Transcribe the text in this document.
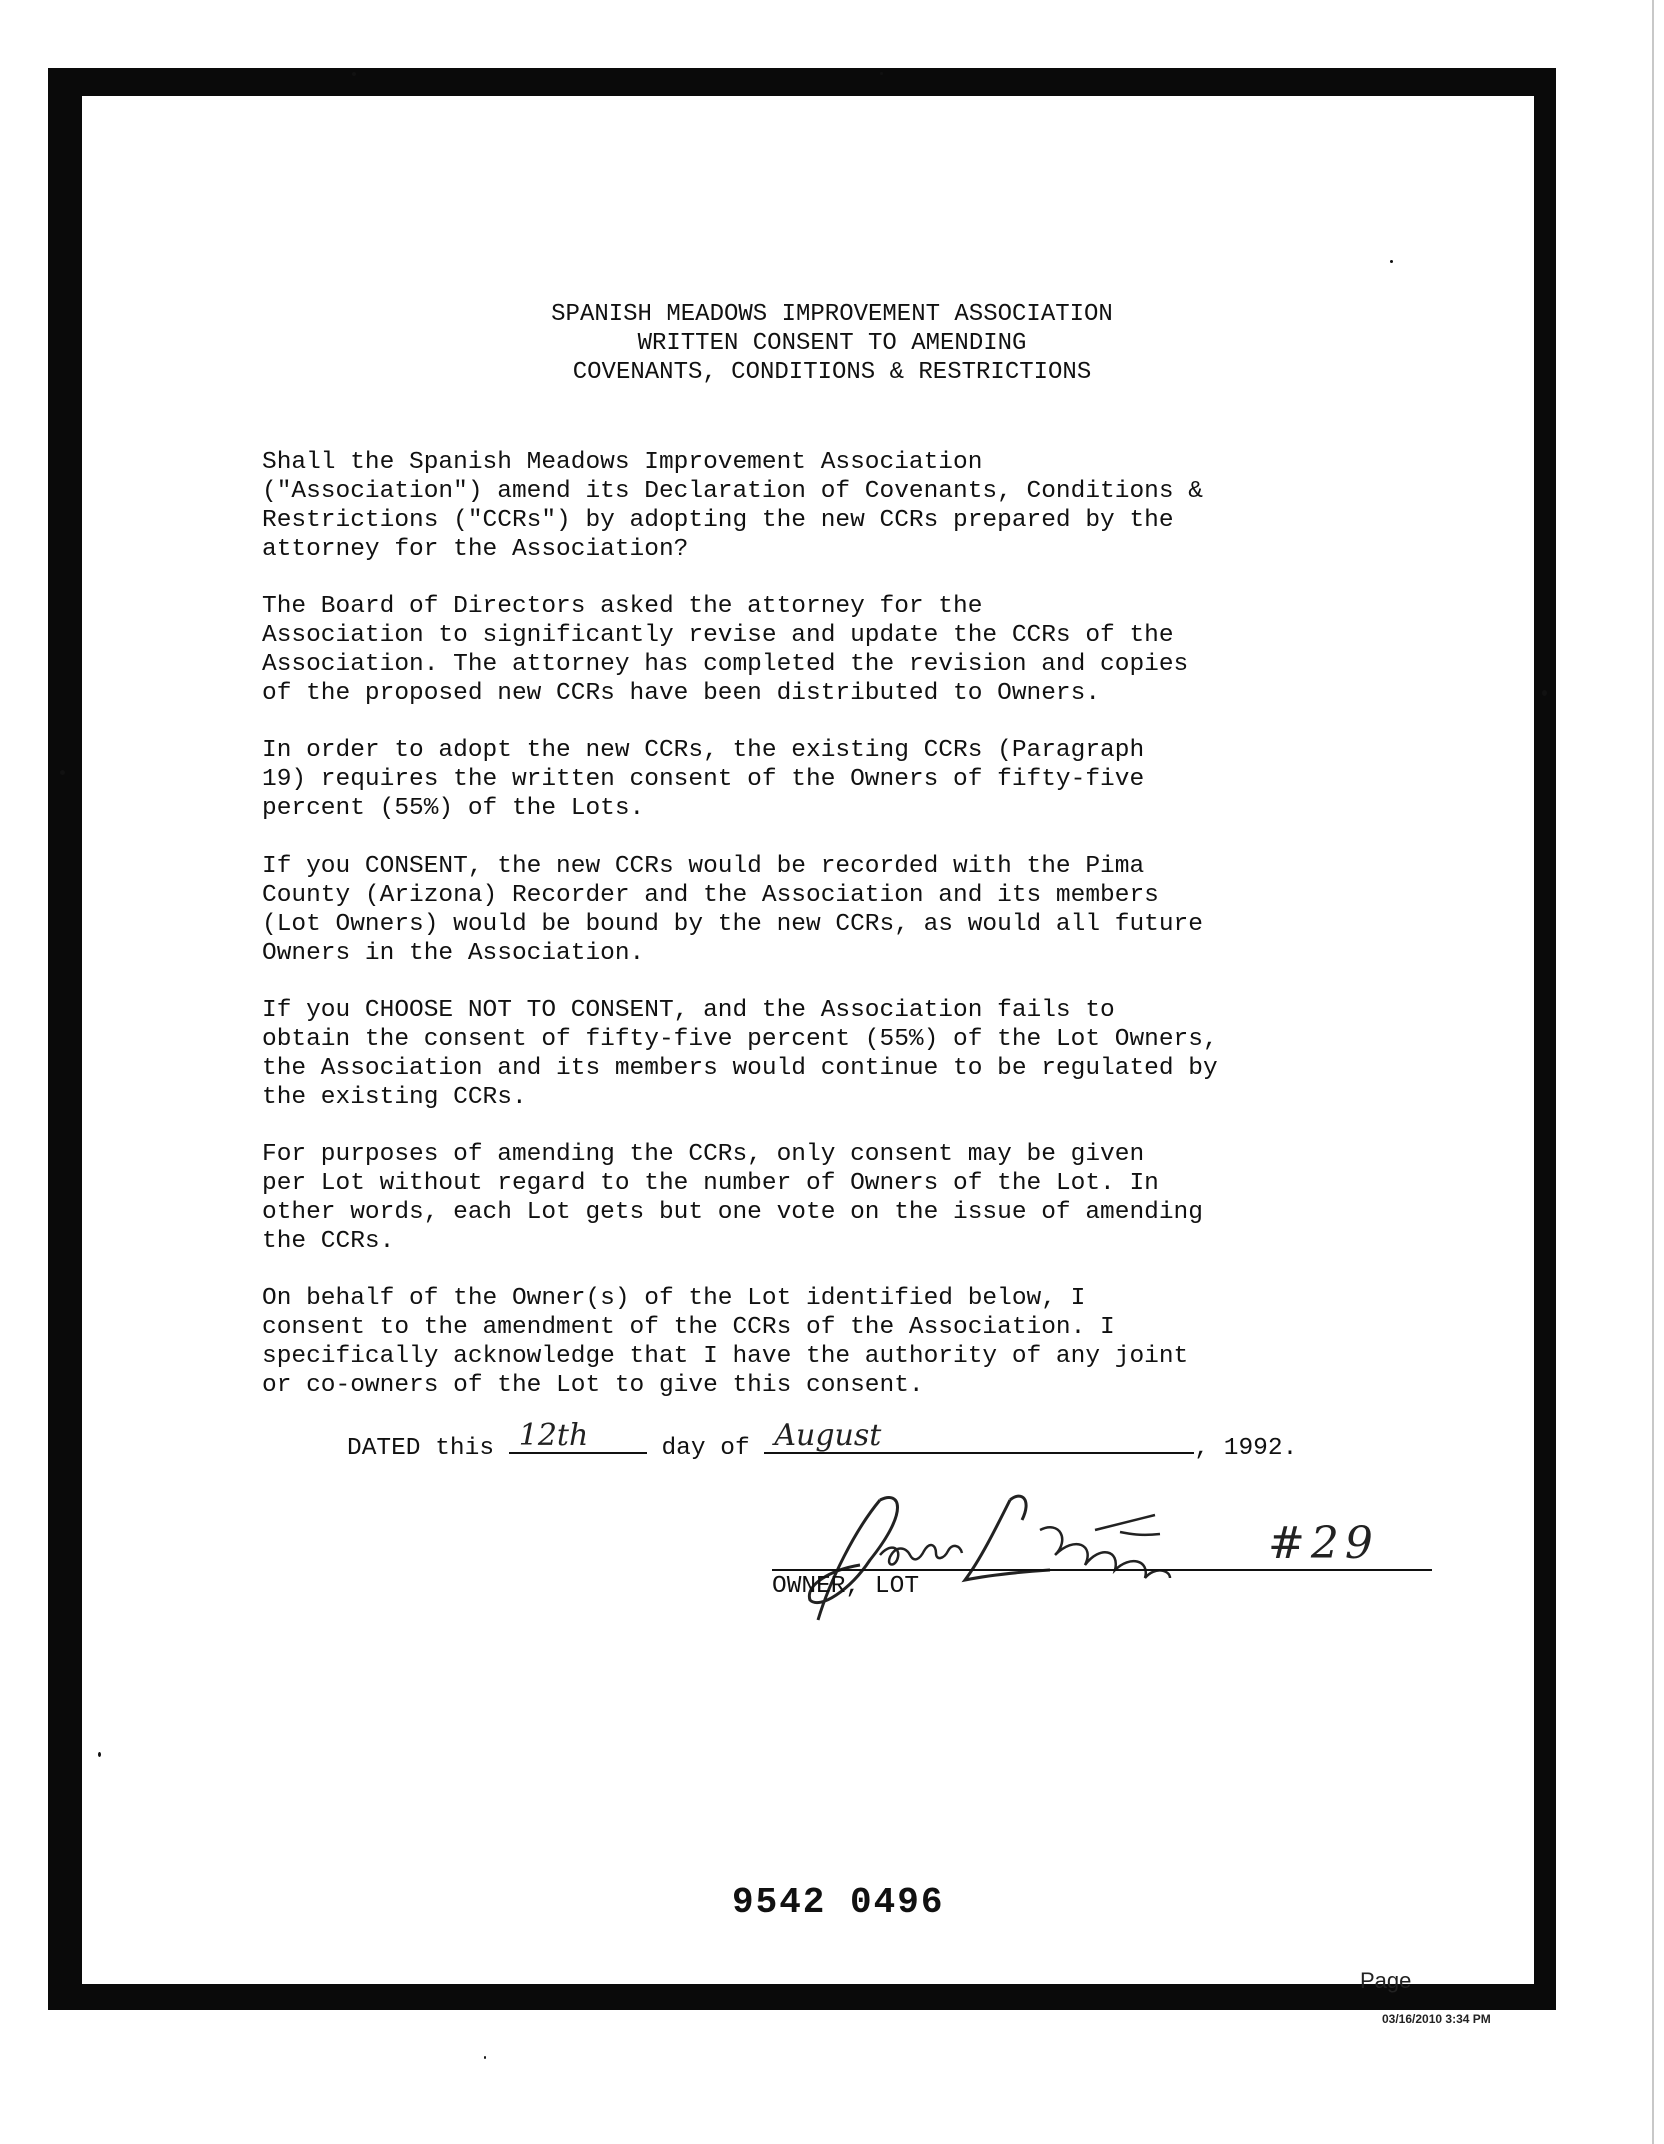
SPANISH MEADOWS IMPROVEMENT ASSOCIATION
WRITTEN CONSENT TO AMENDING
COVENANTS, CONDITIONS & RESTRICTIONS

Shall the Spanish Meadows Improvement Association
("Association") amend its Declaration of Covenants, Conditions &
Restrictions ("CCRs") by adopting the new CCRs prepared by the
attorney for the Association?

The Board of Directors asked the attorney for the
Association to significantly revise and update the CCRs of the
Association. The attorney has completed the revision and copies
of the proposed new CCRs have been distributed to Owners.

In order to adopt the new CCRs, the existing CCRs (Paragraph
19) requires the written consent of the Owners of fifty-five
percent (55%) of the Lots.

If you CONSENT, the new CCRs would be recorded with the Pima
County (Arizona) Recorder and the Association and its members
(Lot Owners) would be bound by the new CCRs, as would all future
Owners in the Association.

If you CHOOSE NOT TO CONSENT, and the Association fails to
obtain the consent of fifty-five percent (55%) of the Lot Owners,
the Association and its members would continue to be regulated by
the existing CCRs.

For purposes of amending the CCRs, only consent may be given
per Lot without regard to the number of Owners of the Lot. In
other words, each Lot gets but one vote on the issue of amending
the CCRs.

On behalf of the Owner(s) of the Lot identified below, I
consent to the amendment of the CCRs of the Association. I
specifically acknowledge that I have the authority of any joint
or co-owners of the Lot to give this consent.

DATED this 12th	day of August	, 1992.
OWNER, LOT
#29
9542 0496
Page
03/16/2010 3:34 PM
